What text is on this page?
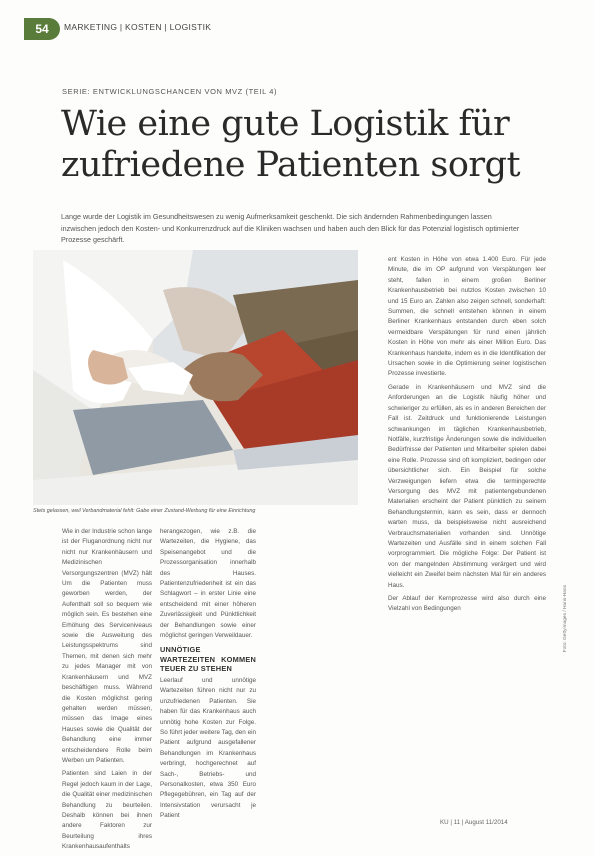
54	MARKETING | KOSTEN | LOGISTIK
SERIE: ENTWICKLUNGSCHANCEN VON MVZ (TEIL 4)
Wie eine gute Logistik für
zufriedene Patienten sorgt
Lange wurde der Logistik im Gesundheitswesen zu wenig Aufmerksamkeit geschenkt. Die sich ändernden Rahmenbedingungen lassen inzwischen jedoch den Kosten- und Konkurrenzdruck auf die Kliniken wachsen und haben auch den Blick für das Potenzial logistisch optimierter Prozesse geschärft.
Stets gelassen, weil Verbandmaterial fehlt: Gabe einer Zustand-Werbung für eine Einrichtung

Wie in der Industrie schon lange ist der Fluganordnung nicht nur nicht nur Krankenhäusern und Medizinischen Versorgungszentren (MVZ) hält Um die Patienten muss geworben werden, der Aufenthalt soll so bequem wie möglich sein. Es bestehen eine Erhöhung des Serviceniveaus sowie die Ausweitung des Leistungsspektrums sind Themen, mit denen sich mehr zu jedes Manager mit von Krankenhäusern und MVZ beschäftigen muss. Während die Kosten möglichst gering gehalten werden müssen, müssen das Image eines Hauses sowie die Qualität der Behandlung eine immer entscheidendere Rolle beim Werben um Patienten.

Patienten sind Laien in der Regel jedoch kaum in der Lage, die Qualität einer medizinischen Behandlung zu beurteilen. Deshalb können bei ihnen andere Faktoren zur Beurteilung ihres Krankenhausaufenthalts

herangezogen, wie z.B. die Wartezeiten, die Hygiene, das Speisenangebot und die Prozessorganisation innerhalb des Hauses. Patientenzufriedenheit ist ein das Schlagwort – in erster Linie eine entscheidend mit einer höheren Zuverlässigkeit und Pünktlichkeit der Behandlungen sowie einer möglichst geringen Verweildauer.

UNNÖTIGE WARTEZEITEN KOMMEN TEUER ZU STEHEN

Leerlauf und unnötige Wartezeiten führen nicht nur zu unzufriedenen Patienten. Sie haben für das Krankenhaus auch unnötig hohe Kosten zur Folge. So führt jeder weitere Tag, den ein Patient aufgrund ausgefallener Behandlungen im Krankenhaus verbringt, hochgerechnet auf Sach-, Betriebs- und Personalkosten, etwa 350 Euro Pflegegebühren, ein Tag auf der Intensivstation verursacht je Patient

ent Kosten in Höhe von etwa 1.400 Euro. Für jede Minute, die im OP aufgrund von Verspätungen leer steht, fallen in einem großen Berliner Krankenhausbetrieb bei nutzlos Kosten zwischen 10 und 15 Euro an. Zahlen also zeigen schnell, sonderhaft: Summen, die schnell entstehen können in einem Berliner Krankenhaus entstanden durch eben solch vermeidbare Verspätungen für rund einen jährlich Kosten in Höhe von mehr als einer Million Euro. Das Krankenhaus handelte, indem es in die Identifikation der Ursachen sowie in die Optimierung seiner logistischen Prozesse investierte.

Gerade in Krankenhäusern und MVZ sind die Anforderungen an die Logistik häufig höher und schwieriger zu erfüllen, als es in anderen Bereichen der Fall ist. Zeitdruck und funktionierende Leistungen schwankungen im täglichen Krankenhausbetrieb, Notfälle, kurzfristige Änderungen sowie die individuellen Bedürfnisse der Patienten und Mitarbeiter spielen dabei eine Rolle. Prozesse sind oft kompliziert, bedingen oder übersichtlicher sich. Ein Beispiel für solche Verzweigungen liefern etwa die termingerechte Versorgung des MVZ mit patientengebundenen Materialien erscheint der Patient pünktlich zu seinem Behandlungstermin, kann es sein, dass er dennoch warten muss, da beispielsweise nicht ausreichend Verbrauchsmaterialien vorhanden sind. Unnötige Wartezeiten und Ausfälle sind in einem solchen Fall vorprogrammiert. Die mögliche Folge: Der Patient ist von der mangelnden Abstimmung verärgert und wird vielleicht ein Zweifel beim nächsten Mal für ein anderes Haus.

Der Ablauf der Kernprozesse wird also durch eine Vielzahl von Bedingungen	Foto: Gettyimages / Hans-Hans
KU | 11 | August 11/2014
